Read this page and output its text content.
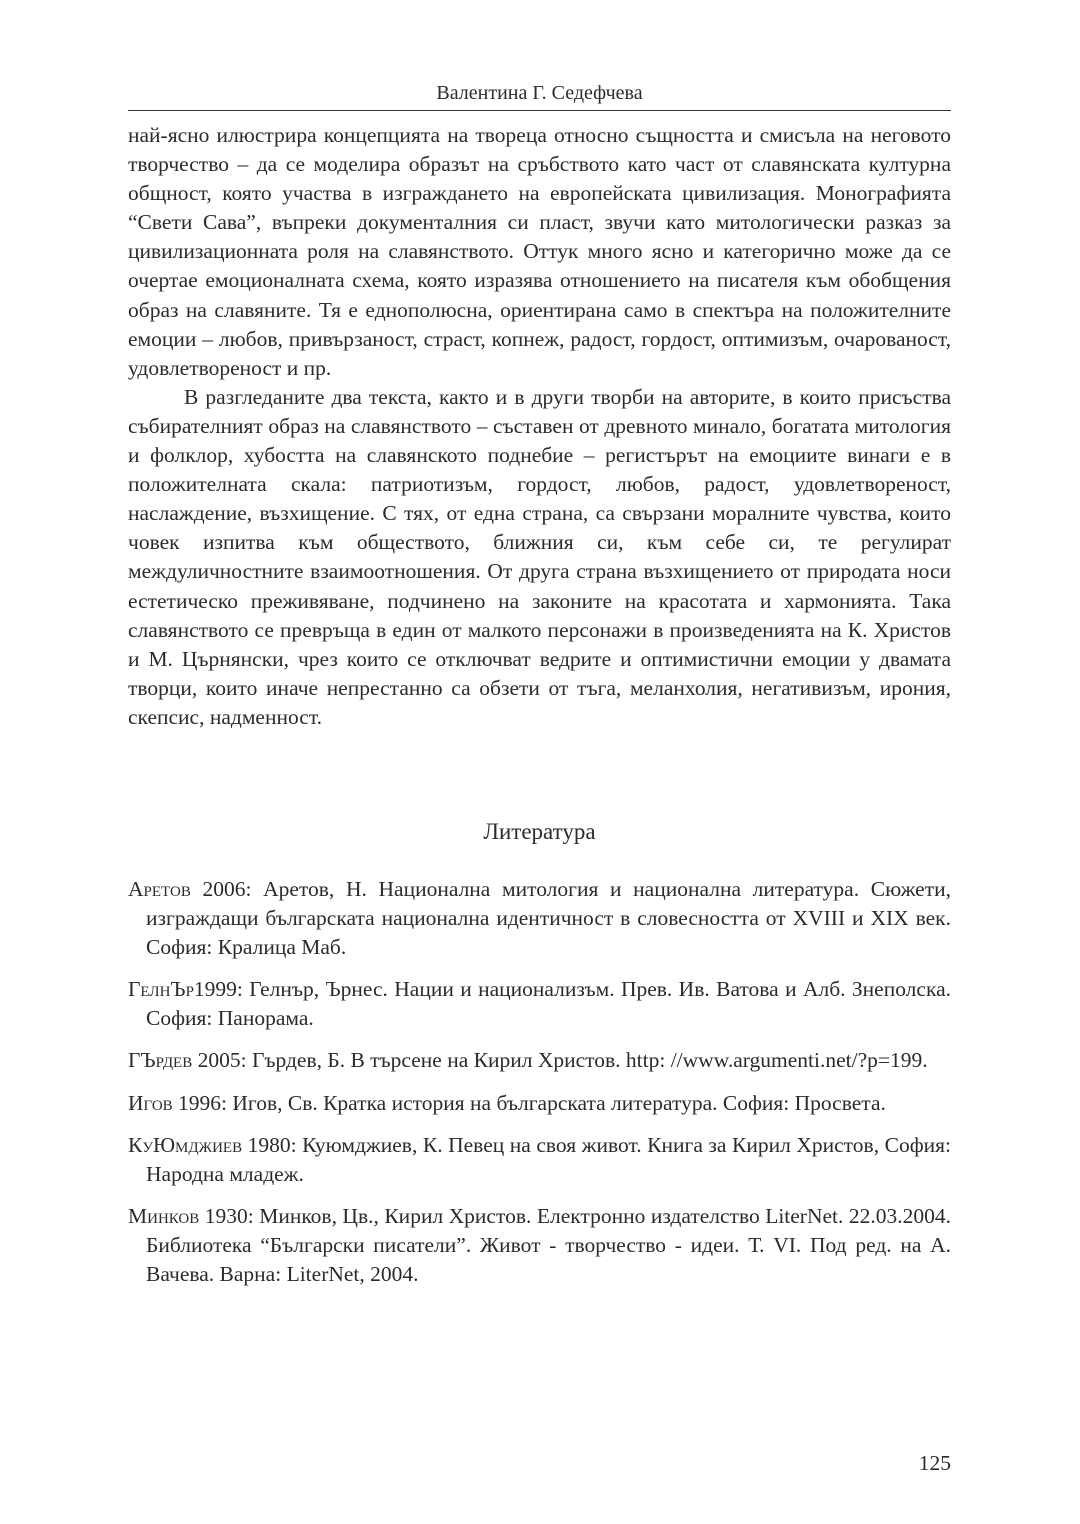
Валентина Г. Седефчева

най-ясно илюстрира концепцията на твореца относно същността и смисъла на неговото творчество – да се моделира образът на сръбството като част от славянската културна общност, която участва в изграждането на европейската цивилизация. Монографията “Свети Сава”, въпреки документалния си пласт, звучи като митологически разказ за цивилизационната роля на славянството. Оттук много ясно и категорично може да се очертае емоционалната схема, която изразява отношението на писателя към обобщения образ на славяните. Тя е еднополюсна, ориентирана само в спектъра на положителните емоции – любов, привързаност, страст, копнеж, радост, гордост, оптимизъм, очарованост, удовлетвореност и пр.

В разгледаните два текста, както и в други творби на авторите, в които присъства събирателният образ на славянството – съставен от древното минало, богатата митология и фолклор, хубостта на славянското поднебие – регистърът на емоциите винаги е в положителната скала: патриотизъм, гордост, любов, радост, удовлетвореност, наслаждение, възхищение. С тях, от една страна, са свързани моралните чувства, които човек изпитва към обществото, ближния си, към себе си, те регулират междуличностните взаимоотношения. От друга страна възхищението от природата носи естетическо преживяване, подчинено на законите на красотата и хармонията. Така славянството се превръща в един от малкото персонажи в произведенията на К. Христов и М. Църнянски, чрез които се отключват ведрите и оптимистични емоции у двамата творци, които иначе непрестанно са обзети от тъга, меланхолия, негативизъм, ирония, скепсис, надменност.

Литература
Аретов 2006: Аретов, Н. Национална митология и национална литература. Сюжети, изграждащи българската национална идентичност в словесността от XVIII и XIX век. София: Кралица Маб.
ГелнЪр1999: Гелнър, Ърнес. Нации и национализъм. Прев. Ив. Ватова и Алб. Знеполска. София: Панорама.
ГЪрдев 2005: Гърдев, Б. В търсене на Кирил Христов. http: //www.argumenti.net/?p=199.
Игов 1996: Игов, Св. Кратка история на българската литература. София: Просвета.
КуЮмджиев 1980: Куюмджиев, К. Певец на своя живот. Книга за Кирил Христов, София: Народна младеж.
Минков 1930: Минков, Цв., Кирил Христов. Електронно издателство LiterNet. 22.03.2004. Библиотека “Български писатели”. Живот - творчество - идеи. Т. VI. Под ред. на А. Вачева. Варна: LiterNet, 2004.
125
